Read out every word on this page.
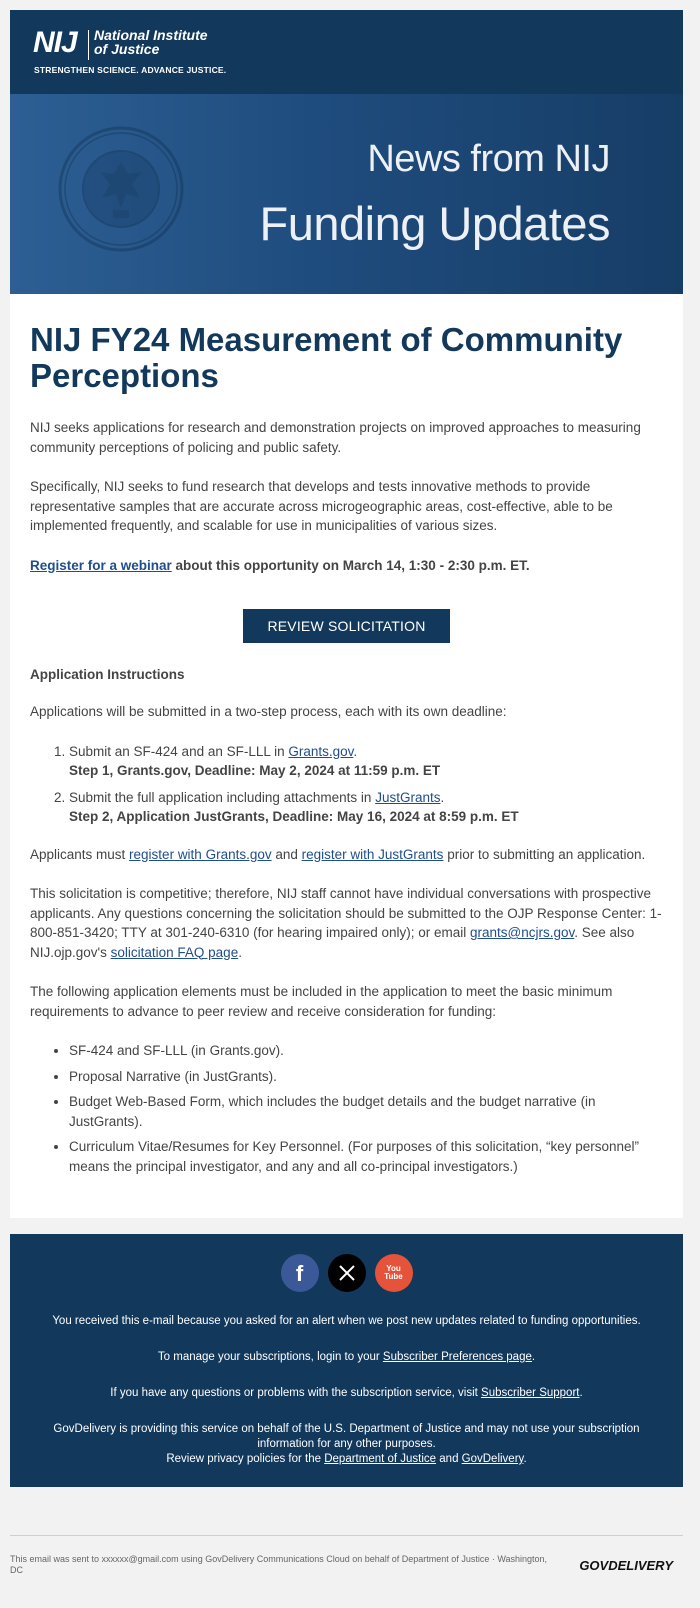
NIJ National Institute
of Justice
STRENGTHEN SCIENCE. ADVANCE JUSTICE.
News from NIJ
Funding Updates
NIJ FY24 Measurement of Community Perceptions

NIJ seeks applications for research and demonstration projects on improved approaches to measuring community perceptions of policing and public safety.

Specifically, NIJ seeks to fund research that develops and tests innovative methods to provide representative samples that are accurate across microgeographic areas, cost-effective, able to be implemented frequently, and scalable for use in municipalities of various sizes.

Register for a webinar about this opportunity on March 14, 1:30 - 2:30 p.m. ET.

REVIEW SOLICITATION
Application Instructions

Applications will be submitted in a two-step process, each with its own deadline:

1. Submit an SF-424 and an SF-LLL in Grants.gov.
Step 1, Grants.gov, Deadline: May 2, 2024 at 11:59 p.m. ET
2. Submit the full application including attachments in JustGrants.
Step 2, Application JustGrants, Deadline: May 16, 2024 at 8:59 p.m. ET

Applicants must register with Grants.gov and register with JustGrants prior to submitting an application.

This solicitation is competitive; therefore, NIJ staff cannot have individual conversations with prospective applicants. Any questions concerning the solicitation should be submitted to the OJP Response Center: 1-800-851-3420; TTY at 301-240-6310 (for hearing impaired only); or email grants@ncjrs.gov. See also NIJ.ojp.gov's solicitation FAQ page.

The following application elements must be included in the application to meet the basic minimum requirements to advance to peer review and receive consideration for funding:

• SF-424 and SF-LLL (in Grants.gov).
• Proposal Narrative (in JustGrants).
• Budget Web-Based Form, which includes the budget details and the budget narrative (in JustGrants).
• Curriculum Vitae/Resumes for Key Personnel. (For purposes of this solicitation, “key personnel” means the principal investigator, and any and all co-principal investigators.)
f	You Tube

You received this e-mail because you asked for an alert when we post new updates related to funding opportunities.

To manage your subscriptions, login to your Subscriber Preferences page.

If you have any questions or problems with the subscription service, visit Subscriber Support.

GovDelivery is providing this service on behalf of the U.S. Department of Justice and may not use your subscription information for any other purposes.
Review privacy policies for the Department of Justice and GovDelivery.

This email was sent to xxxxxx@gmail.com using GovDelivery Communications Cloud on behalf of Department of Justice · Washington, DC	GOVDELIVERY
